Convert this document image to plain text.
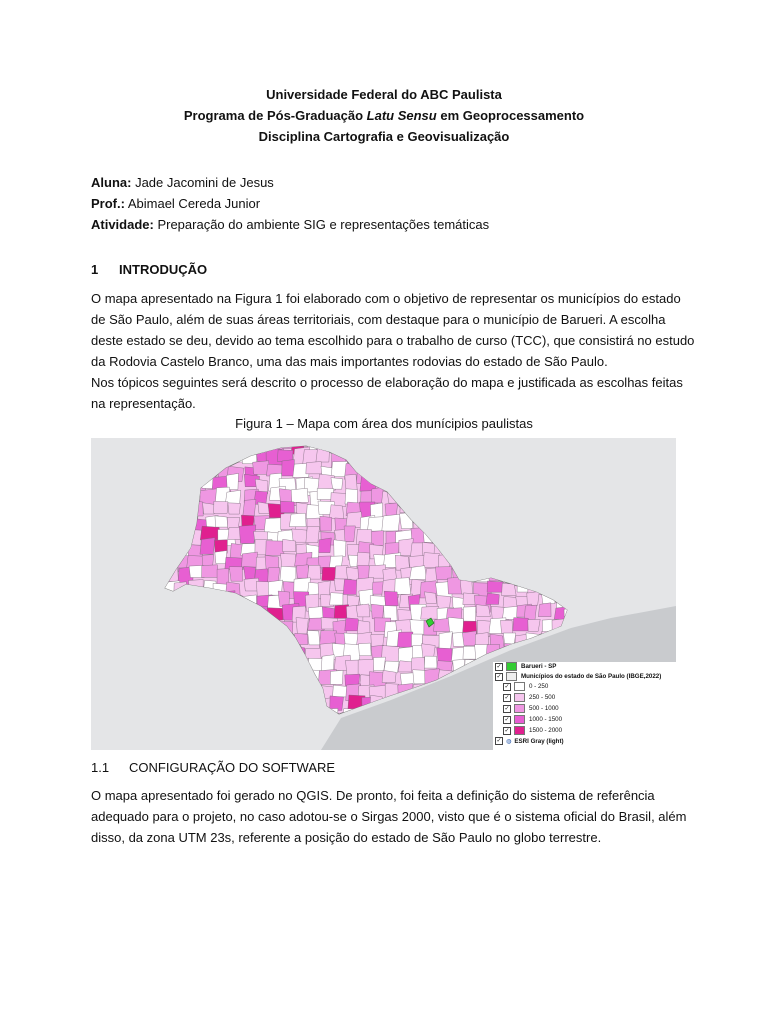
Universidade Federal do ABC Paulista
Programa de Pós-Graduação Latu Sensu em Geoprocessamento
Disciplina Cartografia e Geovisualização
Aluna: Jade Jacomini de Jesus
Prof.: Abimael Cereda Junior
Atividade: Preparação do ambiente SIG e representações temáticas
1 INTRODUÇÃO
O mapa apresentado na Figura 1 foi elaborado com o objetivo de representar os municípios do estado
de São Paulo, além de suas áreas territoriais, com destaque para o município de Barueri. A escolha
deste estado se deu, devido ao tema escolhido para o trabalho de curso (TCC), que consistirá no estudo
da Rodovia Castelo Branco, uma das mais importantes rodovias do estado de São Paulo.
Nos tópicos seguintes será descrito o processo de elaboração do mapa e justificada as escolhas feitas
na representação.
Figura 1 – Mapa com área dos munícipios paulistas
✓	Barueri - SP
✓	Municípios do estado de São Paulo (IBGE,2022)
✓	0 - 250
✓	250 - 500
✓	500 - 1000
✓	1000 - 1500
✓	1500 - 2000
✓ ◍ ESRI Gray (light)
1.1 CONFIGURAÇÃO DO SOFTWARE
O mapa apresentado foi gerado no QGIS. De pronto, foi feita a definição do sistema de referência
adequado para o projeto, no caso adotou-se o Sirgas 2000, visto que é o sistema oficial do Brasil, além
disso, da zona UTM 23s, referente a posição do estado de São Paulo no globo terrestre.
